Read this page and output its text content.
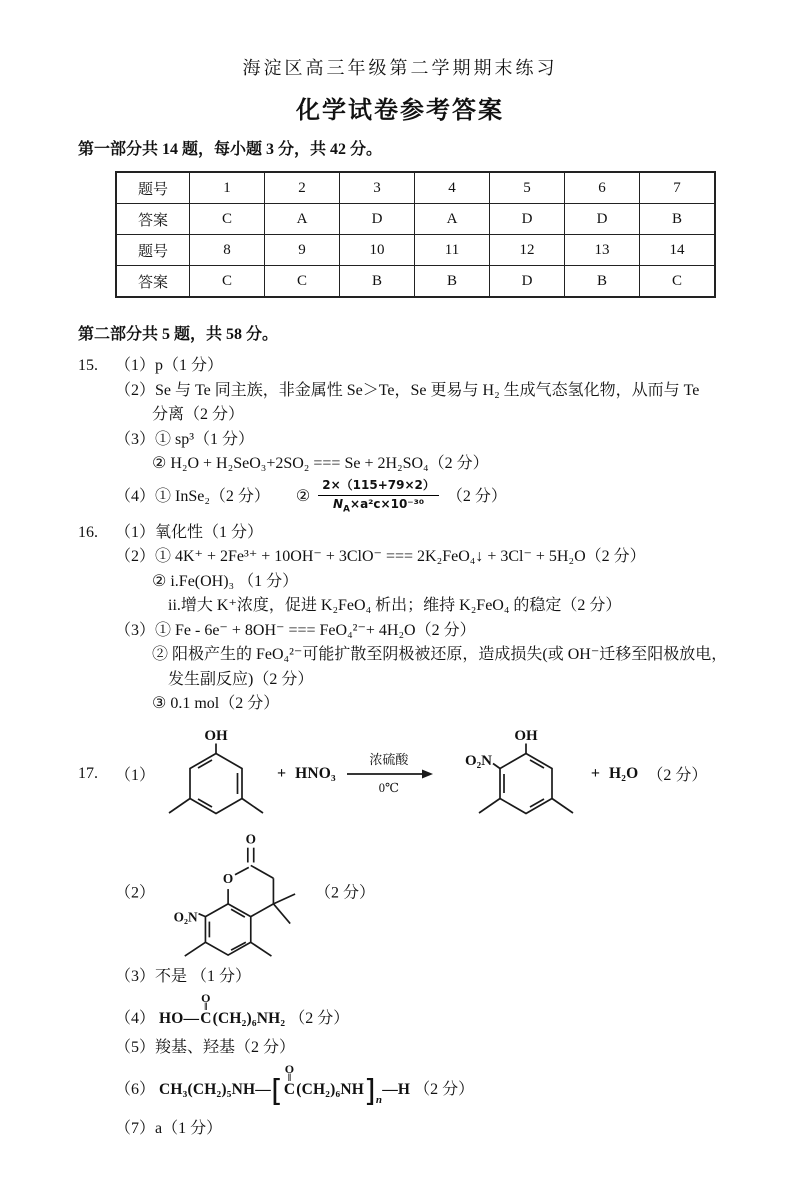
海淀区高三年级第二学期期末练习
化学试卷参考答案
第一部分共 14 题，每小题 3 分，共 42 分。
题号	1	2	3	4	5	6	7
答案	C	A	D	A	D	D	B
题号	8	9	10	11	12	13	14
答案	C	C	B	B	D	B	C
第二部分共 5 题，共 58 分。
15. （1）p（1 分）
（2）Se 与 Te 同主族，非金属性 Se＞Te，Se 更易与 H₂ 生成气态氢化物，从而与 Te
分离（2 分）
（3）① sp³（1 分）
② H₂O + H₂SeO₃+2SO₂ === Se + 2H₂SO₄（2 分）
（4）① InSe₂（2 分） ② $\frac{2\times(115+79\times 2)}{N_A\times a^2c\times 10^{-30}} (2$ 分）
16. （1）氧化性（1 分）
（2）① 4K⁺ + 2Fe³⁺ + 10OH⁻ + 3ClO⁻ === 2K₂FeO₄↓ + 3Cl⁻ + 5H₂O（2 分）
② i.Fe(OH)₃ （1 分）
ii.增大 K⁺浓度，促进 K₂FeO₄ 析出；维持 K₂FeO₄ 的稳定（2 分）
（3）① Fe - 6e⁻ + 8OH⁻ === FeO₄²⁻+ 4H₂O（2 分）
② 阳极产生的 FeO₄²⁻可能扩散至阴极被还原，造成损失(或 OH⁻迁移至阳极放电，
发生副反应)（2 分）
③ 0.1 mol（2 分）
17. （1）
OH
+ HNO₃
浓硫酸
0℃
OH
O₂N
+ H₂O （2 分）
（2）
O
O
O₂N
（2 分）
（3）不是 （1 分）
（4） HO—
O
‖
C (CH₂)₆NH₂ （2 分）
（5）羧基、羟基（2 分）
（6） CH₃(CH₂)₅NH—[
O
‖
C $(CH_2)_6NH]_n—H$ （2 分）
（7）a（1 分）
